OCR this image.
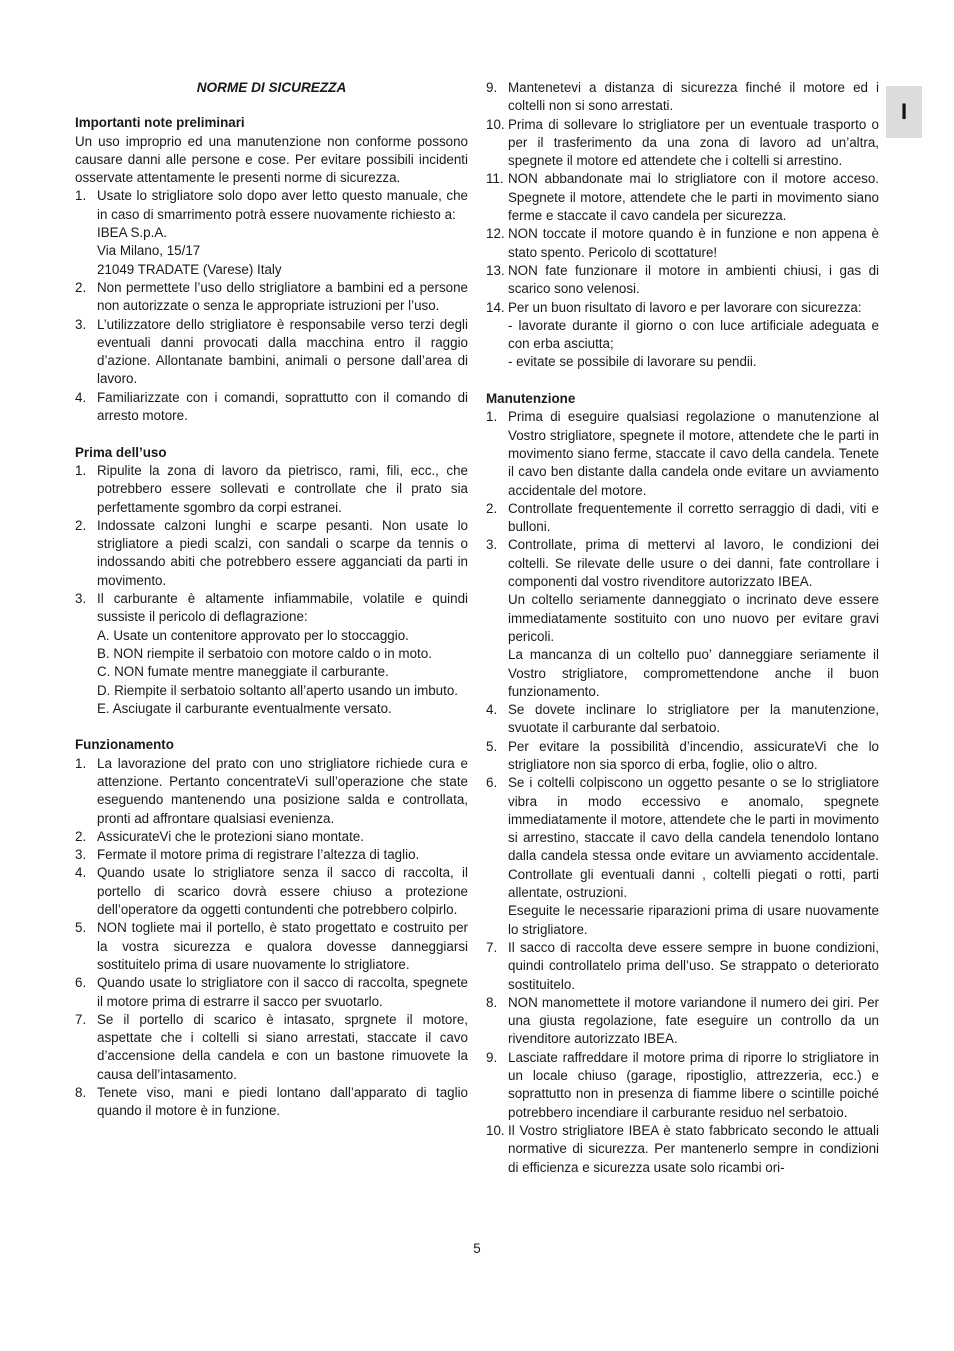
I
NORME DI SICUREZZA
Importanti note preliminari

Un uso improprio ed una manutenzione non conforme possono causare danni alle persone e cose. Per evitare possibili incidenti osservate attentamente le presenti norme di sicurezza.

1. Usate lo strigliatore solo dopo aver letto questo manuale, che in caso di smarrimento potrà essere nuovamente richiesto a:
IBEA S.p.A.
Via Milano, 15/17
21049 TRADATE (Varese) Italy
2. Non permettete l’uso dello strigliatore a bambini ed a persone non autorizzate o senza le appropriate istruzioni per l’uso.
3. L’utilizzatore dello strigliatore è responsabile verso terzi degli eventuali danni provocati dalla macchina entro il raggio d’azione. Allontanate bambini, animali o persone dall’area di lavoro.
4. Familiarizzate con i comandi, soprattutto con il comando di arresto motore.
Prima dell’uso
1. Ripulite la zona di lavoro da pietrisco, rami, fili, ecc., che potrebbero essere sollevati e controllate che il prato sia perfettamente sgombro da corpi estranei.
2. Indossate calzoni lunghi e scarpe pesanti. Non usate lo strigliatore a piedi scalzi, con sandali o scarpe da tennis o indossando abiti che potrebbero essere agganciati da parti in movimento.
3. Il carburante è altamente infiammabile, volatile e quindi sussiste il pericolo di deflagrazione:
A. Usate un contenitore approvato per lo stoccaggio.
B. NON riempite il serbatoio con motore caldo o in moto.
C. NON fumate mentre maneggiate il carburante.
D. Riempite il serbatoio soltanto all’aperto usando un imbuto.
E. Asciugate il carburante eventualmente versato.
Funzionamento
1. La lavorazione del prato con uno strigliatore richiede cura e attenzione. Pertanto concentrateVi sull’operazione che state eseguendo mantenendo una posizione salda e controllata, pronti ad affrontare qualsiasi evenienza.
2. AssicurateVi che le protezioni siano montate.
3. Fermate il motore prima di registrare l’altezza di taglio.
4. Quando usate lo strigliatore senza il sacco di raccolta, il portello di scarico dovrà essere chiuso a protezione dell’operatore da oggetti contundenti che potrebbero colpirlo.
5. NON togliete mai il portello, è stato progettato e costruito per la vostra sicurezza e qualora dovesse danneggiarsi sostituitelo prima di usare nuovamente lo strigliatore.
6. Quando usate lo strigliatore con il sacco di raccolta, spegnete il motore prima di estrarre il sacco per svuotarlo.
7. Se il portello di scarico è intasato, sprgnete il motore, aspettate che i coltelli si siano arrestati, staccate il cavo d’accensione della candela e con un bastone rimuovete la causa dell’intasamento.
8. Tenete viso, mani e piedi lontano dall’apparato di taglio quando il motore è in funzione.
9. Mantenetevi a distanza di sicurezza finché il motore ed i coltelli non si sono arrestati.
10. Prima di sollevare lo strigliatore per un eventuale trasporto o per il trasferimento da una zona di lavoro ad un’altra, spegnete il motore ed attendete che i coltelli si arrestino.
11. NON abbandonate mai lo strigliatore con il motore acceso. Spegnete il motore, attendete che le parti in movimento siano ferme e staccate il cavo candela per sicurezza.
12. NON toccate il motore quando è in funzione e non appena è stato spento. Pericolo di scottature!
13. NON fate funzionare il motore in ambienti chiusi, i gas di scarico sono velenosi.
14. Per un buon risultato di lavoro e per lavorare con sicurezza:
- lavorate durante il giorno o con luce artificiale adeguata e con erba asciutta;
- evitate se possibile di lavorare su pendii.
Manutenzione
1. Prima di eseguire qualsiasi regolazione o manutenzione al Vostro strigliatore, spegnete il motore, attendete che le parti in movimento siano ferme, staccate il cavo della candela. Tenete il cavo ben distante dalla candela onde evitare un avviamento accidentale del motore.
2. Controllate frequentemente il corretto serraggio di dadi, viti e bulloni.
3. Controllate, prima di mettervi al lavoro, le condizioni dei coltelli. Se rilevate delle usure o dei danni, fate controllare i componenti dal vostro rivenditore autorizzato IBEA.
Un coltello seriamente danneggiato o incrinato deve essere immediatamente sostituito con uno nuovo per evitare gravi pericoli.
La mancanza di un coltello puo’ danneggiare seriamente il Vostro strigliatore, compromettendone anche il buon funzionamento.
4. Se dovete inclinare lo strigliatore per la manutenzione, svuotate il carburante dal serbatoio.
5. Per evitare la possibilità d’incendio, assicurateVi che lo strigliatore non sia sporco di erba, foglie, olio o altro.
6. Se i coltelli colpiscono un oggetto pesante o se lo strigliatore vibra in modo eccessivo e anomalo, spegnete immediatamente il motore, attendete che le parti in movimento si arrestino, staccate il cavo della candela tenendolo lontano dalla candela stessa onde evitare un avviamento accidentale. Controllate gli eventuali danni , coltelli piegati o rotti, parti allentate, ostruzioni.
Eseguite le necessarie riparazioni prima di usare nuovamente lo strigliatore.
7. Il sacco di raccolta deve essere sempre in buone condizioni, quindi controllatelo prima dell’uso. Se strappato o deteriorato sostituitelo.
8. NON manomettete il motore variandone il numero dei giri. Per una giusta regolazione, fate eseguire un controllo da un rivenditore autorizzato IBEA.
9. Lasciate raffreddare il motore prima di riporre lo strigliatore in un locale chiuso (garage, ripostiglio, attrezzeria, ecc.) e soprattutto non in presenza di fiamme libere o scintille poiché potrebbero incendiare il carburante residuo nel serbatoio.
10. Il Vostro strigliatore IBEA è stato fabbricato secondo le attuali normative di sicurezza. Per mantenerlo sempre in condizioni di efficienza e sicurezza usate solo ricambi ori-
5
